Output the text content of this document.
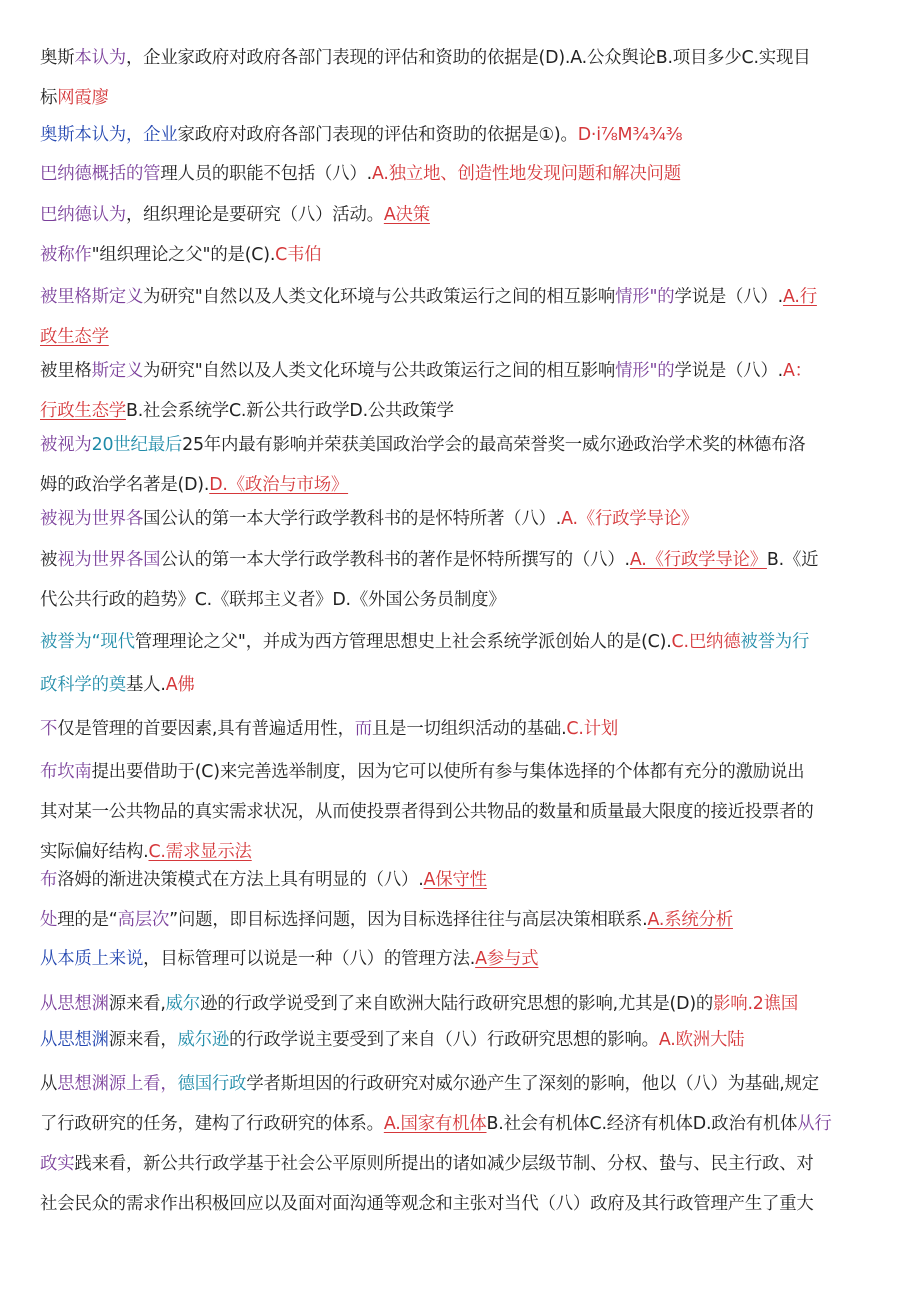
奥斯本认为，企业家政府对政府各部门表现的评估和资助的依据是(D).A.公众舆论B.项目多少C.实现目
标网霞廖
奥斯本认为，企业家政府对政府各部门表现的评估和资助的依据是①)。D·i⅞M¾¾⅜
巴纳德概括的管理人员的职能不包括（八）.A.独立地、创造性地发现问题和解决问题
巴纳德认为，组织理论是要研究（八）活动。A决策
被称作"组织理论之父"的是(C).C韦伯
被里格斯定义为研究"自然以及人类文化环境与公共政策运行之间的相互影响情形"的学说是（八）.A.行
政生态学
被里格斯定义为研究"自然以及人类文化环境与公共政策运行之间的相互影响情形"的学说是（八）.A：
行政生态学B.社会系统学C.新公共行政学D.公共政策学
被视为20世纪最后25年内最有影响并荣获美国政治学会的最高荣誉奖一威尔逊政治学术奖的林德布洛
姆的政治学名著是(D).D.《政治与市场》
被视为世界各国公认的第一本大学行政学教科书的是怀特所著（八）.A.《行政学导论》
被视为世界各国公认的第一本大学行政学教科书的著作是怀特所撰写的（八）.A.《行政学导论》B.《近
代公共行政的趋势》C.《联邦主义者》D.《外国公务员制度》
被誉为“现代管理理论之父"，并成为西方管理思想史上社会系统学派创始人的是(C).C.巴纳德被誉为行
政科学的奠基人.A佛
不仅是管理的首要因素,具有普遍适用性，而且是一切组织活动的基础.C.计划
布坎南提出要借助于(C)来完善选举制度，因为它可以使所有参与集体选择的个体都有充分的激励说出
其对某一公共物品的真实需求状况，从而使投票者得到公共物品的数量和质量最大限度的接近投票者的
实际偏好结构.C.需求显示法
布洛姆的渐进决策模式在方法上具有明显的（八）.A保守性
处理的是“高层次”问题，即目标选择问题，因为目标选择往往与高层决策相联系.A.系统分析
从本质上来说，目标管理可以说是一种（八）的管理方法.A参与式
从思想渊源来看,威尔逊的行政学说受到了来自欧洲大陆行政研究思想的影响,尤其是(D)的影响.2谯国
从思想渊源来看，威尔逊的行政学说主要受到了来自（八）行政研究思想的影响。A.欧洲大陆
从思想渊源上看，德国行政学者斯坦因的行政研究对威尔逊产生了深刻的影响，他以（八）为基础,规定
了行政研究的任务，建构了行政研究的体系。A.国家有机体B.社会有机体C.经济有机体D.政治有机体从行
政实践来看，新公共行政学基于社会公平原则所提出的诸如减少层级节制、分权、蛰与、民主行政、对
社会民众的需求作出积极回应以及面对面沟通等观念和主张对当代（八）政府及其行政管理产生了重大
